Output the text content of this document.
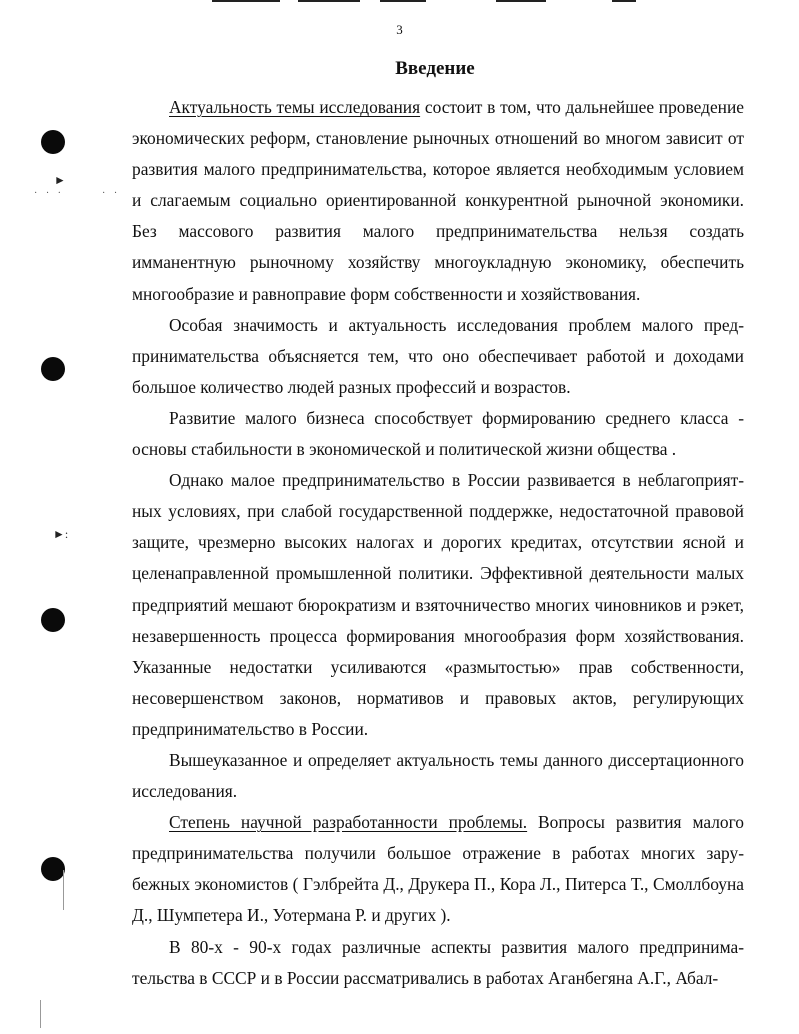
3
Введение
►
· · ·	· ·
►:

Актуальность темы исследования состоит в том, что дальнейшее проведение экономических реформ, становление рыночных отношений во многом зависит от развития малого предпринимательства, которое является необходимым условием и слагаемым социально ориентированной конкурентной рыночной экономики. Без массового развития малого предпринимательства нельзя создать имманентную рыночному хозяйству многоукладную экономику, обеспечить многообразие и равноправие форм собственности и хозяйствования.

Особая значимость и актуальность исследования проблем малого предпринимательства объясняется тем, что оно обеспечивает работой и доходами большое количество людей разных профессий и возрастов.

Развитие малого бизнеса способствует формированию среднего класса - основы стабильности в экономической и политической жизни общества .

Однако малое предпринимательство в России развивается в неблагоприятных условиях, при слабой государственной поддержке, недостаточной правовой защите, чрезмерно высоких налогах и дорогих кредитах, отсутствии ясной и целенаправленной промышленной политики. Эффективной деятельности малых предприятий мешают бюрократизм и взяточничество многих чиновников и рэкет, незавершенность процесса формирования многообразия форм хозяйствования. Указанные недостатки усиливаются «размытостью» прав собственности, несовершенством законов, нормативов и правовых актов, регулирующих предпринимательство в России.

Вышеуказанное и определяет актуальность темы данного диссертационного исследования.

Степень научной разработанности проблемы. Вопросы развития малого предпринимательства получили большое отражение в работах многих зарубежных экономистов ( Гэлбрейта Д., Друкера П., Кора Л., Питерса Т., Смоллбоуна Д., Шумпетера И., Уотермана Р. и других ).

В 80-х - 90-х годах различные аспекты развития малого предпринимательства в СССР и в России рассматривались в работах Аганбегяна А.Г., Абал-
